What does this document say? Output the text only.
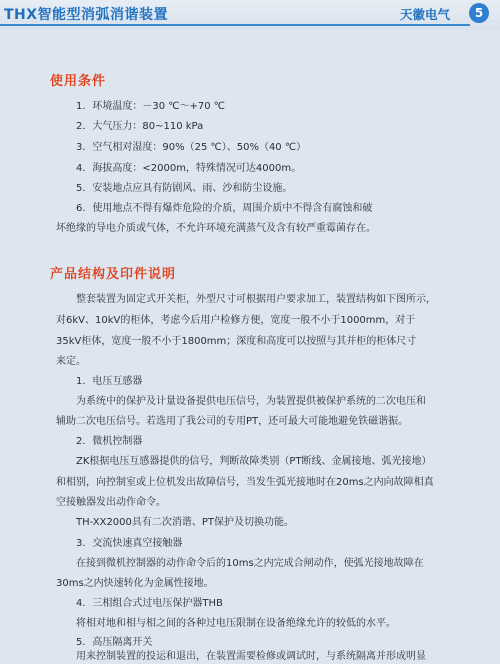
THX智能型消弧消谐装置	天徽电气	5
使用条件
1．环境温度：－30 ℃～+70 ℃
2．大气压力：80~110 kPa
3．空气相对湿度：90%（25 ℃）、50%（40 ℃）
4．海拔高度：<2000m，特殊情况可达4000m。
5．安装地点应具有防剧风、雨、沙和防尘设施。
6．使用地点不得有爆炸危险的介质，周围介质中不得含有腐蚀和破
坏绝缘的导电介质或气体，不允许环境充满蒸气及含有较严重霉菌存在。
产品结构及印件说明
整套装置为固定式开关柜，外型尺寸可根据用户要求加工，装置结构如下图所示，
对6kV、10kV的柜体，考虑今后用户检修方便，宽度一般不小于1000mm，对于
35kV柜体，宽度一般不小于1800mm；深度和高度可以按照与其并柜的柜体尺寸
来定。
1．电压互感器
为系统中的保护及计量设备提供电压信号，为装置提供被保护系统的二次电压和
辅助二次电压信号。若选用了我公司的专用PT，还可最大可能地避免铁磁谐振。
2．微机控制器
ZK根据电压互感器提供的信号，判断故障类别（PT断线、金属接地、弧光接地）
和相别，向控制室或上位机发出故障信号，当发生弧光接地时在20ms之内向故障相真
空接触器发出动作命令。
TH-XX2000具有二次消谐、PT保护及切换功能。
3．交流快速真空接触器
在接到微机控制器的动作命令后的10ms之内完成合闸动作，使弧光接地故障在
30ms之内快速转化为金属性接地。
4．三相组合式过电压保护器THB
将相对地和相与相之间的各种过电压限制在设备绝缘允许的较低的水平。
5．高压隔离开关
用来控制装置的投运和退出，在装置需要检修或调试时，与系统隔离并形成明显
